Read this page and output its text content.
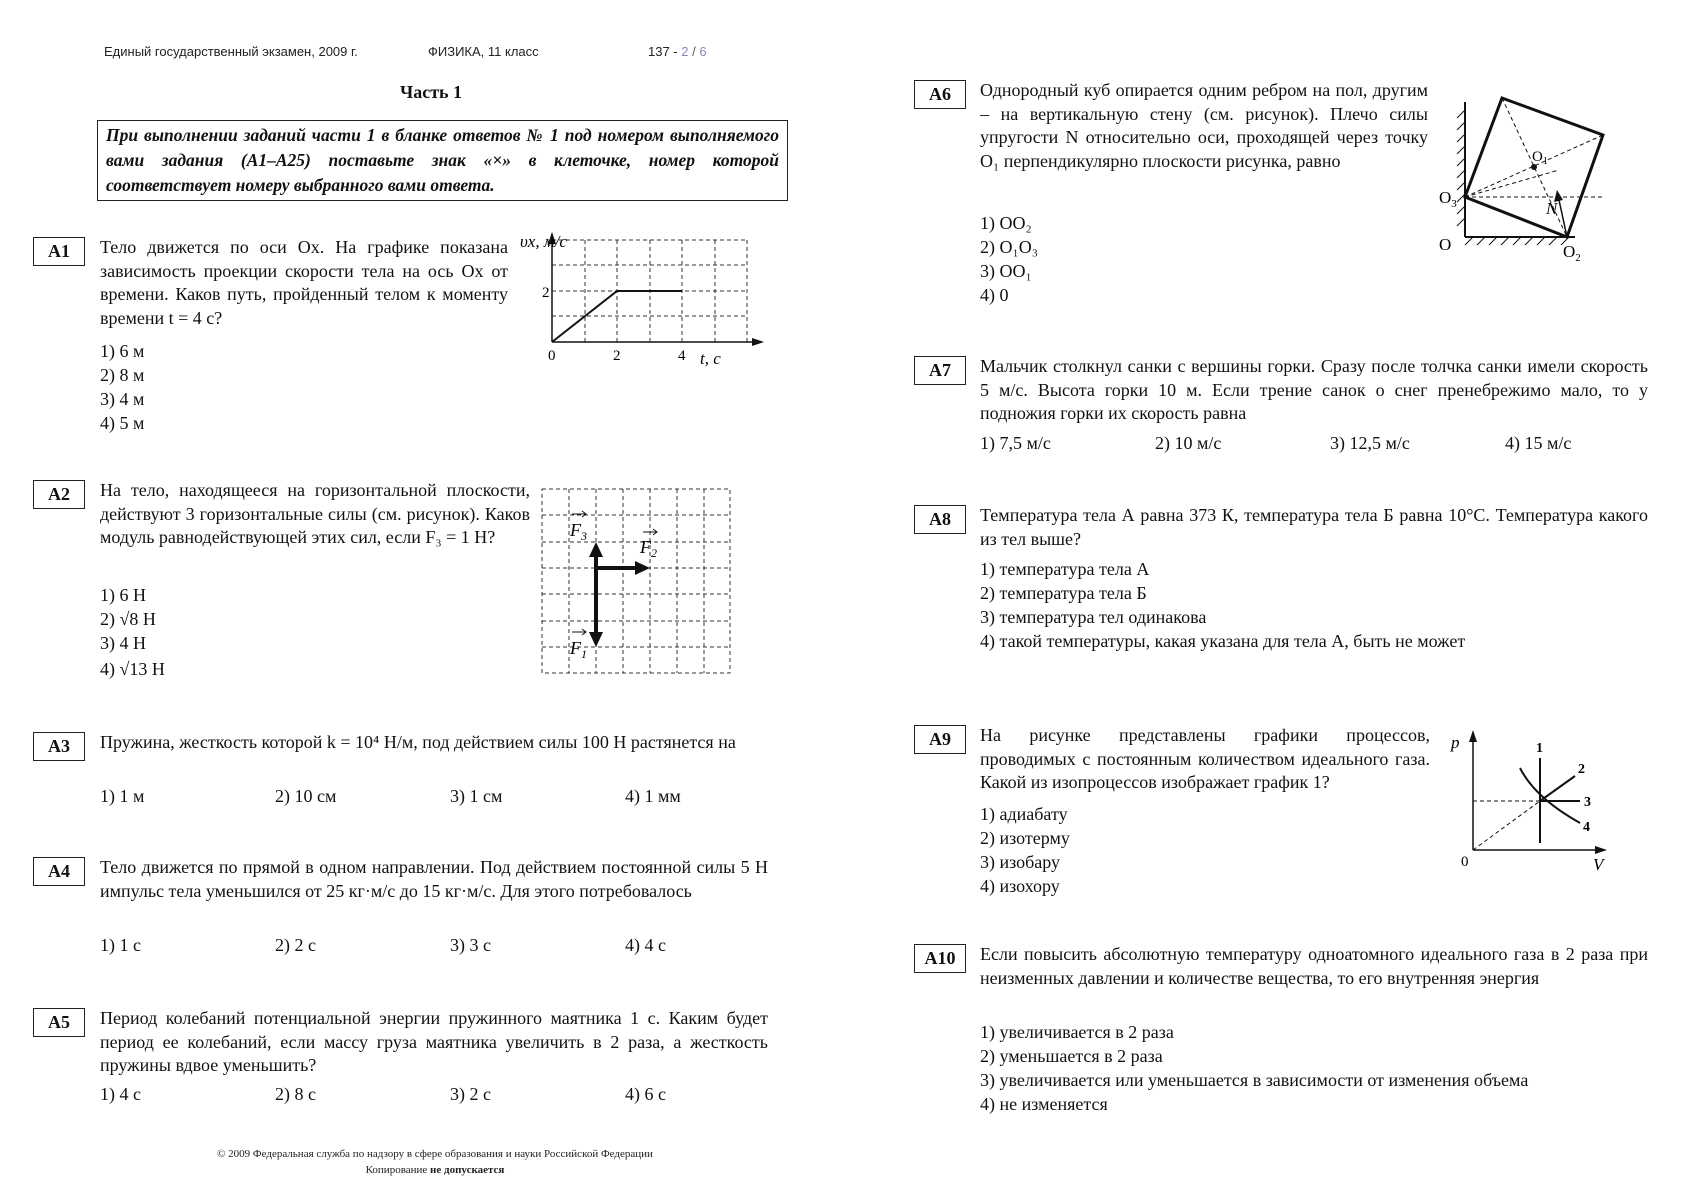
Единый государственный экзамен, 2009 г.	ФИЗИКА, 11 класс	137 - 2 / 6
Часть 1
При выполнении заданий части 1 в бланке ответов № 1 под номером выполняемого вами задания (А1–А25) поставьте знак «×» в клеточке, номер которой соответствует номеру выбранного вами ответа.
А1	Тело движется по оси Ox. На графике показана зависимость проекции скорости тела на ось Ox от времени. Каков путь, пройденный телом к моменту времени t = 4 с?
1) 6 м
2) 8 м
3) 4 м
4) 5 м
υx, м/с
2
0	2	4 t, с
А2	На тело, находящееся на горизонтальной плоскости, действуют 3 горизонтальные силы (см. рисунок). Каков модуль равнодействующей этих сил, если F₃ = 1 Н?
1) 6 Н
2) √8 Н
3) 4 Н
4) √13 Н
$F_3$
$F_2$
$F_1$
А3	Пружина, жесткость которой k = 10⁴ Н/м, под действием силы 100 Н растянется на
1) 1 м	2) 10 см	3) 1 см	4) 1 мм
А4	Тело движется по прямой в одном направлении. Под действием постоянной силы 5 Н импульс тела уменьшился от 25 кг·м/с до 15 кг·м/с. Для этого потребовалось
1) 1 с	2) 2 с	3) 3 с	4) 4 с
А5	Период колебаний потенциальной энергии пружинного маятника 1 с. Каким будет период ее колебаний, если массу груза маятника увеличить в 2 раза, а жесткость пружины вдвое уменьшить?
1) 4 с	2) 8 с	3) 2 с	4) 6 с
© 2009 Федеральная служба по надзору в сфере образования и науки Российской Федерации
Копирование не допускается
А6	Однородный куб опирается одним ребром на пол, другим – на вертикальную стену (см. рисунок). Плечо силы упругости N относительно оси, проходящей через точку O₁ перпендикулярно плоскости рисунка, равно
1) OO₂
2) O₁O₃
3) OO₁
4) 0
$O_3$
O
$O_1$
N
$O_2$
А7	Мальчик столкнул санки с вершины горки. Сразу после толчка санки имели скорость 5 м/с. Высота горки 10 м. Если трение санок о снег пренебрежимо мало, то у подножия горки их скорость равна
1) 7,5 м/с	2) 10 м/с	3) 12,5 м/с	4) 15 м/с
А8	Температура тела А равна 373 К, температура тела Б равна 10°С. Температура какого из тел выше?
1) температура тела А
2) температура тела Б
3) температура тел одинакова
4) такой температуры, какая указана для тела А, быть не может
А9	На рисунке представлены графики процессов, проводимых с постоянным количеством идеального газа. Какой из изопроцессов изображает график 1?
1) адиабату
2) изотерму
3) изобару
4) изохору
p
V
0
1
2
3
4
А10	Если повысить абсолютную температуру одноатомного идеального газа в 2 раза при неизменных давлении и количестве вещества, то его внутренняя энергия
1) увеличивается в 2 раза
2) уменьшается в 2 раза
3) увеличивается или уменьшается в зависимости от изменения объема
4) не изменяется
